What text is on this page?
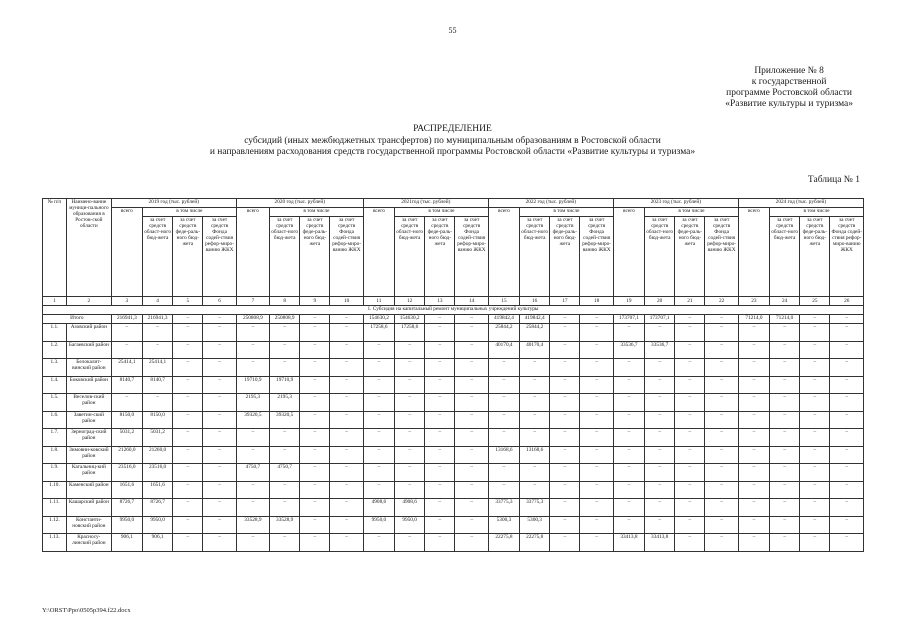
55
Приложение № 8
к государственной
программе Ростовской области
«Развитие культуры и туризма»
РАСПРЕДЕЛЕНИЕ
субсидий (иных межбюджетных трансфертов) по муниципальным образованиям в Ростовской области
и направлениям расходования средств государственной программы Ростовской области «Развитие культуры и туризма»
Таблица № 1
№ п/п	Наимено-вание муници-пального образования в Ростов-ской области	2019 год (тыс. рублей)				2020 год (тыс. рублей)				2021год (тыс. рублей)				2022 год (тыс. рублей)				2023 год (тыс. рублей)				2024 год (тыс. рублей)			
		всего	в том числе			всего	в том числе			всего	в том числе			всего	в том числе			всего	в том числе			всего	в том числе		
			за счет средств област-ного бюд-жета	за счет средств феде-раль-ного бюд-жета	за счет средств Фонда содей-ствия рефор-миро-ванию ЖКХ		за счет средств област-ного бюд-жета	за счет средств феде-раль-ного бюд-жета	за счет средств Фонда содей-ствия рефор-миро-ванию ЖКХ		за счет средств област-ного бюд-жета	за счет средств феде-раль-ного бюд-жета	за счет средств Фонда содей-ствия рефор-миро-ванию ЖКХ		за счет средств област-ного бюд-жета	за счет средств феде-раль-ного бюд-жета	за счет средств Фонда содей-ствия рефор-миро-ванию ЖКХ		за счет средств област-ного бюд-жета	за счет средств феде-раль-ного бюд-жета	за счет средств Фонда содей-ствия рефор-миро-ванию ЖКХ		за счет средств област-ного бюд-жета	за счет средств феде-раль-ного бюд-жета	за счет средств Фонда содей-ствия рефор-миро-ванию ЖКХ
1	2	3	4	5	6	7	8	9	10	11	12	13	14	15	16	17	18	19	20	21	22	23	24	25	26
1. Субсидия на капитальный ремонт муниципальных учреждений культуры																									
Итого		216941,3	216941,3	–	–	250808,9	250808,9	–	–	154630,2	154630,2	–	–	419842,4	419842,4	–	–	173707,1	173707,1	–	–	71214,0	71214,0	–	–
1.1.	Азовский район	–	–	–	–	–	–	–	–	17258,6	17258,6	–	–	25844,2	25844,2	–	–	–	–	–	–	–	–	–	–
1.2.	Багаевский район	–	–	–	–	–	–	–	–	–	–	–	–	40170,4	40170,4	–	–	33536,7	33536,7	–	–	–	–	–	–
1.3.	Белокалит-винский район	25414,1	25414,1	–	–	–	–	–	–	–	–	–	–	–	–	–	–	–	–	–	–	–	–	–	–
1.4.	Боковский район	8140,7	8140,7	–	–	19710,9	19710,9	–	–	–	–	–	–	–	–	–	–	–	–	–	–	–	–	–	–
1.5.	Веселов-ский район	–	–	–	–	2195,3	2195,3	–	–	–	–	–	–	–	–	–	–	–	–	–	–	–	–	–	–
1.6.	Заветин-ский район	8150,0	8150,0	–	–	39320,5	39320,5	–	–	–	–	–	–	–	–	–	–	–	–	–	–	–	–	–	–
1.7.	Зерноград-ский район	5031,2	5031,2	–	–	–	–	–	–	–	–	–	–	–	–	–	–	–	–	–	–	–	–	–	–
1.8.	Зимовни-ковский район	21260,0	21260,0	–	–	–	–	–	–	–	–	–	–	13168,6	13168,6	–	–	–	–	–	–	–	–	–	–
1.9.	Кагальниц-кий район	23516,0	23516,0	–	–	4750,7	4750,7	–	–	–	–	–	–	–	–	–	–	–	–	–	–	–	–	–	–
1.10.	Каменский район	1651,6	1651,6	–	–	–	–	–	–	–	–	–	–	–	–	–	–	–	–	–	–	–	–	–	–
1.11.	Кашарский район	8726,7	8726,7	–	–	–	–	–	–	4908,6	4908,6	–	–	33775,3	33775,3	–	–	–	–	–	–	–	–	–	–
1.12.	Константи-новский район	9950,0	9950,0	–	–	33528,9	33528,9	–	–	9950,0	9950,0	–	–	5300,3	5300,3	–	–	–	–	–	–	–	–	–	–
1.13.	Красносу-линский район	906,1	906,1	–	–	–	–	–	–	–	–	–	–	22275,8	22275,8	–	–	33413,8	33413,8	–	–	–	–	–	–
Y:\ORST\Ppo\0505p394.f22.docx
